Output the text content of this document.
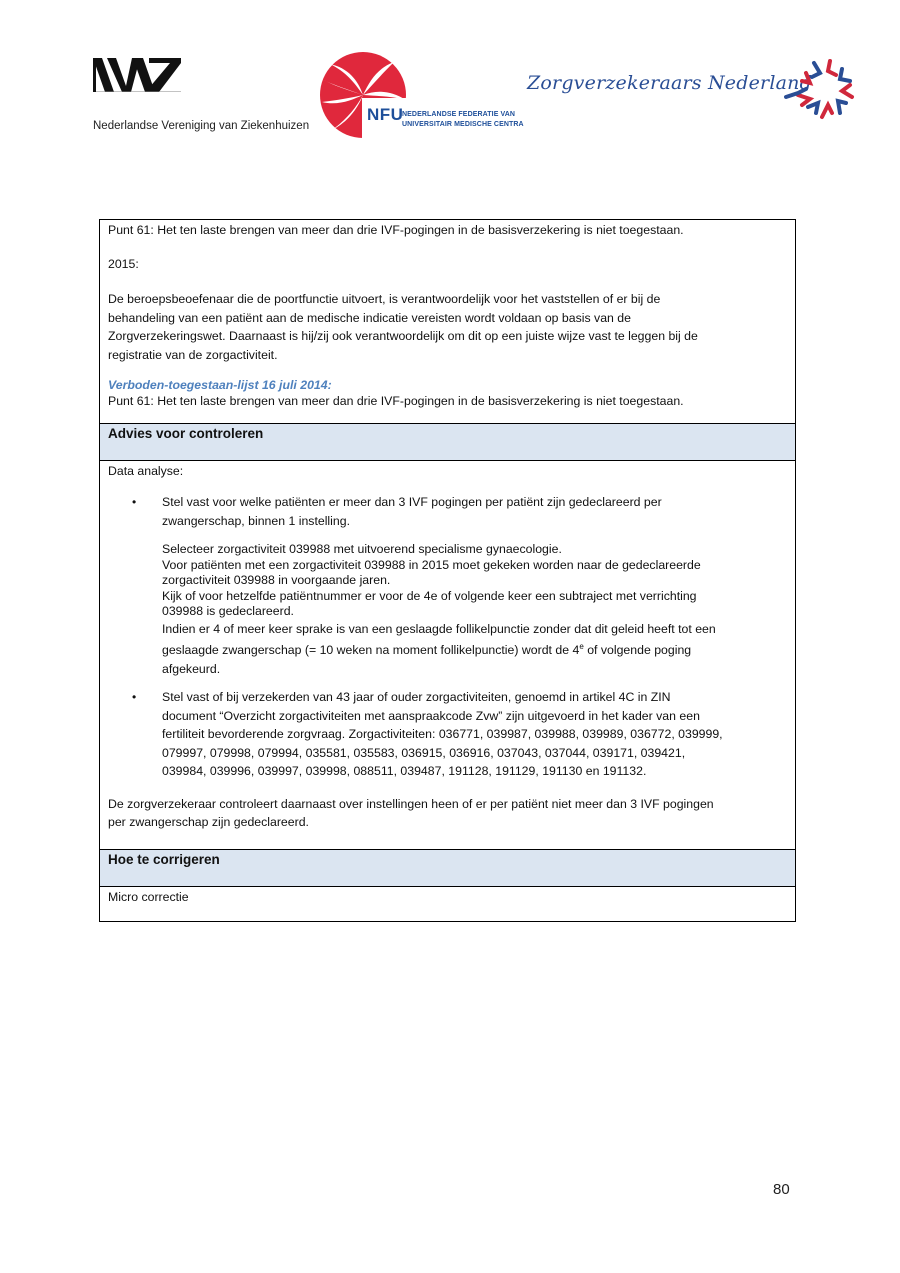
Nederlandse Vereniging van Ziekenhuizen
NFU
NEDERLANDSE FEDERATIE VAN
UNIVERSITAIR MEDISCHE CENTRA
Zorgverzekeraars Nederland

Punt 61: Het ten laste brengen van meer dan drie IVF-pogingen in de basisverzekering is niet toegestaan.

2015:

De beroepsbeoefenaar die de poortfunctie uitvoert, is verantwoordelijk voor het vaststellen of er bij de

behandeling van een patiënt aan de medische indicatie vereisten wordt voldaan op basis van de

Zorgverzekeringswet. Daarnaast is hij/zij ook verantwoordelijk om dit op een juiste wijze vast te leggen bij de

registratie van de zorgactiviteit.

Verboden-toegestaan-lijst 16 juli 2014:

Punt 61: Het ten laste brengen van meer dan drie IVF-pogingen in de basisverzekering is niet toegestaan.

Advies voor controleren

Data analyse:

• Stel vast voor welke patiënten er meer dan 3 IVF pogingen per patiënt zijn gedeclareerd per

zwangerschap, binnen 1 instelling.

Selecteer zorgactiviteit 039988 met uitvoerend specialisme gynaecologie.

Voor patiënten met een zorgactiviteit 039988 in 2015 moet gekeken worden naar de gedeclareerde

zorgactiviteit 039988 in voorgaande jaren.

Kijk of voor hetzelfde patiëntnummer er voor de 4e of volgende keer een subtraject met verrichting

039988 is gedeclareerd.

Indien er 4 of meer keer sprake is van een geslaagde follikelpunctie zonder dat dit geleid heeft tot een

geslaagde zwangerschap (= 10 weken na moment follikelpunctie) wordt de 4e of volgende poging

afgekeurd.

• Stel vast of bij verzekerden van 43 jaar of ouder zorgactiviteiten, genoemd in artikel 4C in ZIN

document “Overzicht zorgactiviteiten met aanspraakcode Zvw” zijn uitgevoerd in het kader van een

fertiliteit bevorderende zorgvraag. Zorgactiviteiten: 036771, 039987, 039988, 039989, 036772, 039999,

079997, 079998, 079994, 035581, 035583, 036915, 036916, 037043, 037044, 039171, 039421,

039984, 039996, 039997, 039998, 088511, 039487, 191128, 191129, 191130 en 191132.

De zorgverzekeraar controleert daarnaast over instellingen heen of er per patiënt niet meer dan 3 IVF pogingen

per zwangerschap zijn gedeclareerd.

Hoe te corrigeren

Micro correctie

80
